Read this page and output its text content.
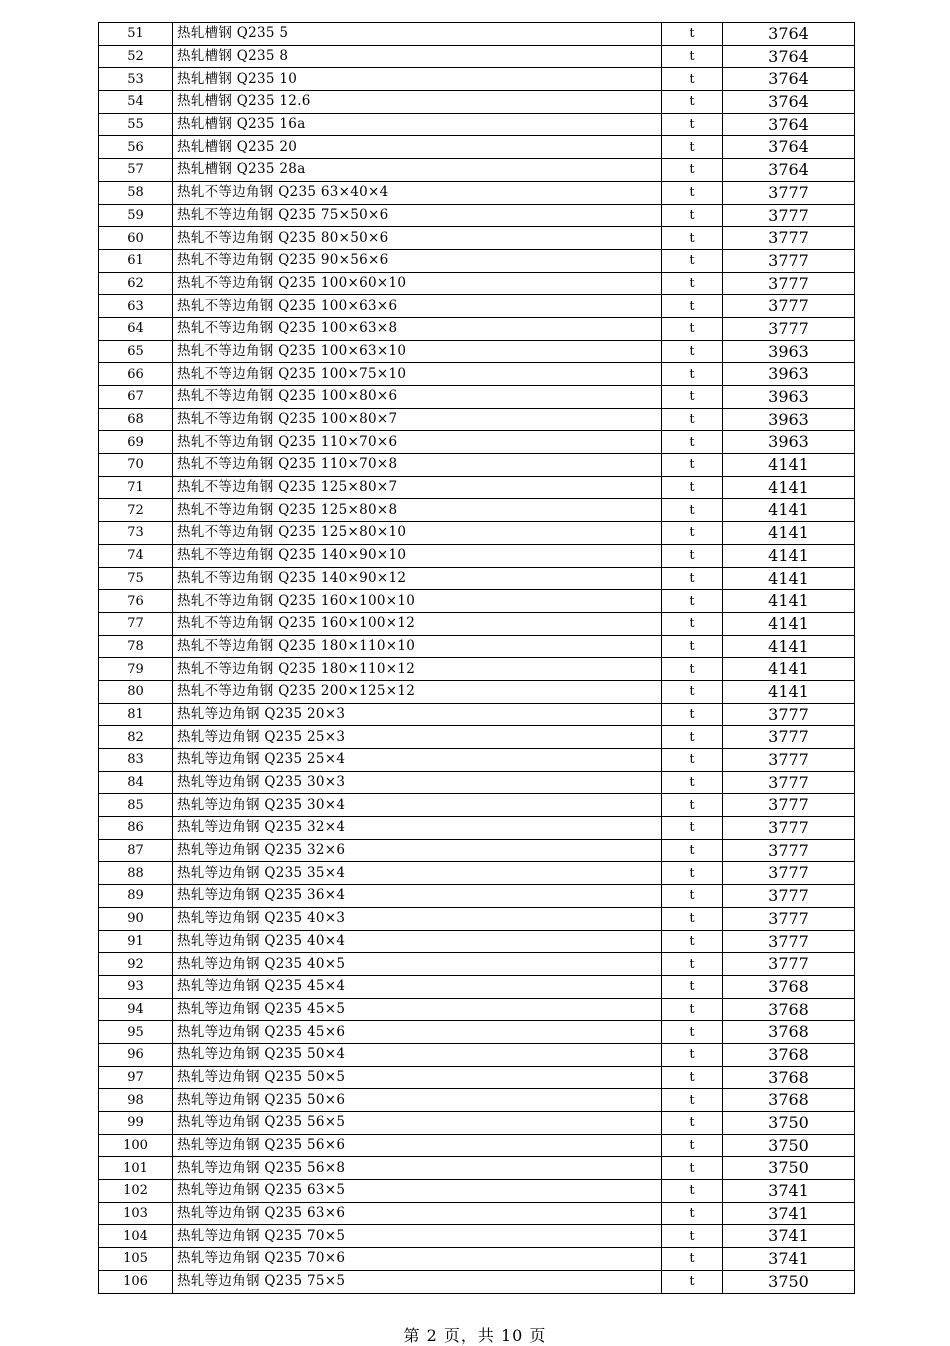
51	热轧槽钢 Q235 5	t	3764
52	热轧槽钢 Q235 8	t	3764
53	热轧槽钢 Q235 10	t	3764
54	热轧槽钢 Q235 12.6	t	3764
55	热轧槽钢 Q235 16a	t	3764
56	热轧槽钢 Q235 20	t	3764
57	热轧槽钢 Q235 28a	t	3764
58	热轧不等边角钢 Q235 63×40×4	t	3777
59	热轧不等边角钢 Q235 75×50×6	t	3777
60	热轧不等边角钢 Q235 80×50×6	t	3777
61	热轧不等边角钢 Q235 90×56×6	t	3777
62	热轧不等边角钢 Q235 100×60×10	t	3777
63	热轧不等边角钢 Q235 100×63×6	t	3777
64	热轧不等边角钢 Q235 100×63×8	t	3777
65	热轧不等边角钢 Q235 100×63×10	t	3963
66	热轧不等边角钢 Q235 100×75×10	t	3963
67	热轧不等边角钢 Q235 100×80×6	t	3963
68	热轧不等边角钢 Q235 100×80×7	t	3963
69	热轧不等边角钢 Q235 110×70×6	t	3963
70	热轧不等边角钢 Q235 110×70×8	t	4141
71	热轧不等边角钢 Q235 125×80×7	t	4141
72	热轧不等边角钢 Q235 125×80×8	t	4141
73	热轧不等边角钢 Q235 125×80×10	t	4141
74	热轧不等边角钢 Q235 140×90×10	t	4141
75	热轧不等边角钢 Q235 140×90×12	t	4141
76	热轧不等边角钢 Q235 160×100×10	t	4141
77	热轧不等边角钢 Q235 160×100×12	t	4141
78	热轧不等边角钢 Q235 180×110×10	t	4141
79	热轧不等边角钢 Q235 180×110×12	t	4141
80	热轧不等边角钢 Q235 200×125×12	t	4141
81	热轧等边角钢 Q235 20×3	t	3777
82	热轧等边角钢 Q235 25×3	t	3777
83	热轧等边角钢 Q235 25×4	t	3777
84	热轧等边角钢 Q235 30×3	t	3777
85	热轧等边角钢 Q235 30×4	t	3777
86	热轧等边角钢 Q235 32×4	t	3777
87	热轧等边角钢 Q235 32×6	t	3777
88	热轧等边角钢 Q235 35×4	t	3777
89	热轧等边角钢 Q235 36×4	t	3777
90	热轧等边角钢 Q235 40×3	t	3777
91	热轧等边角钢 Q235 40×4	t	3777
92	热轧等边角钢 Q235 40×5	t	3777
93	热轧等边角钢 Q235 45×4	t	3768
94	热轧等边角钢 Q235 45×5	t	3768
95	热轧等边角钢 Q235 45×6	t	3768
96	热轧等边角钢 Q235 50×4	t	3768
97	热轧等边角钢 Q235 50×5	t	3768
98	热轧等边角钢 Q235 50×6	t	3768
99	热轧等边角钢 Q235 56×5	t	3750
100	热轧等边角钢 Q235 56×6	t	3750
101	热轧等边角钢 Q235 56×8	t	3750
102	热轧等边角钢 Q235 63×5	t	3741
103	热轧等边角钢 Q235 63×6	t	3741
104	热轧等边角钢 Q235 70×5	t	3741
105	热轧等边角钢 Q235 70×6	t	3741
106	热轧等边角钢 Q235 75×5	t	3750
第 2 页，共 10 页
